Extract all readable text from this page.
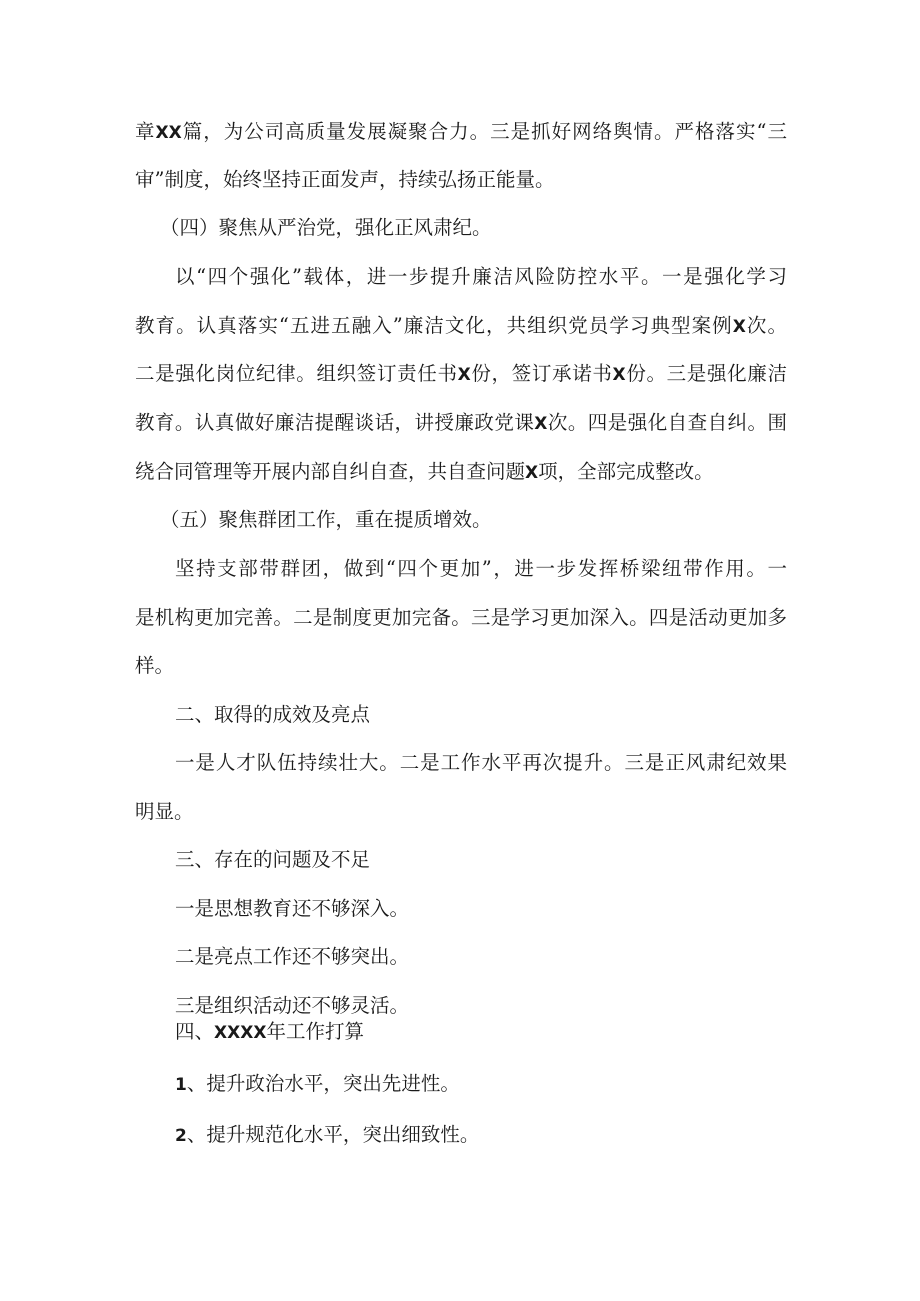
章XX篇，为公司高质量发展凝聚合力。三是抓好网络舆情。严格落实“三
审”制度，始终坚持正面发声，持续弘扬正能量。
（四）聚焦从严治党，强化正风肃纪。
以“四个强化”载体，进一步提升廉洁风险防控水平。一是强化学习
教育。认真落实“五进五融入”廉洁文化，共组织党员学习典型案例X次。
二是强化岗位纪律。组织签订责任书X份，签订承诺书X份。三是强化廉洁
教育。认真做好廉洁提醒谈话，讲授廉政党课X次。四是强化自查自纠。围
绕合同管理等开展内部自纠自查，共自查问题X项，全部完成整改。
（五）聚焦群团工作，重在提质增效。
坚持支部带群团，做到“四个更加”，进一步发挥桥梁纽带作用。一
是机构更加完善。二是制度更加完备。三是学习更加深入。四是活动更加多
样。
二、取得的成效及亮点
一是人才队伍持续壮大。二是工作水平再次提升。三是正风肃纪效果
明显。
三、存在的问题及不足
一是思想教育还不够深入。
二是亮点工作还不够突出。
三是组织活动还不够灵活。
四、XXXX年工作打算
1、提升政治水平，突出先进性。
2、提升规范化水平，突出细致性。
